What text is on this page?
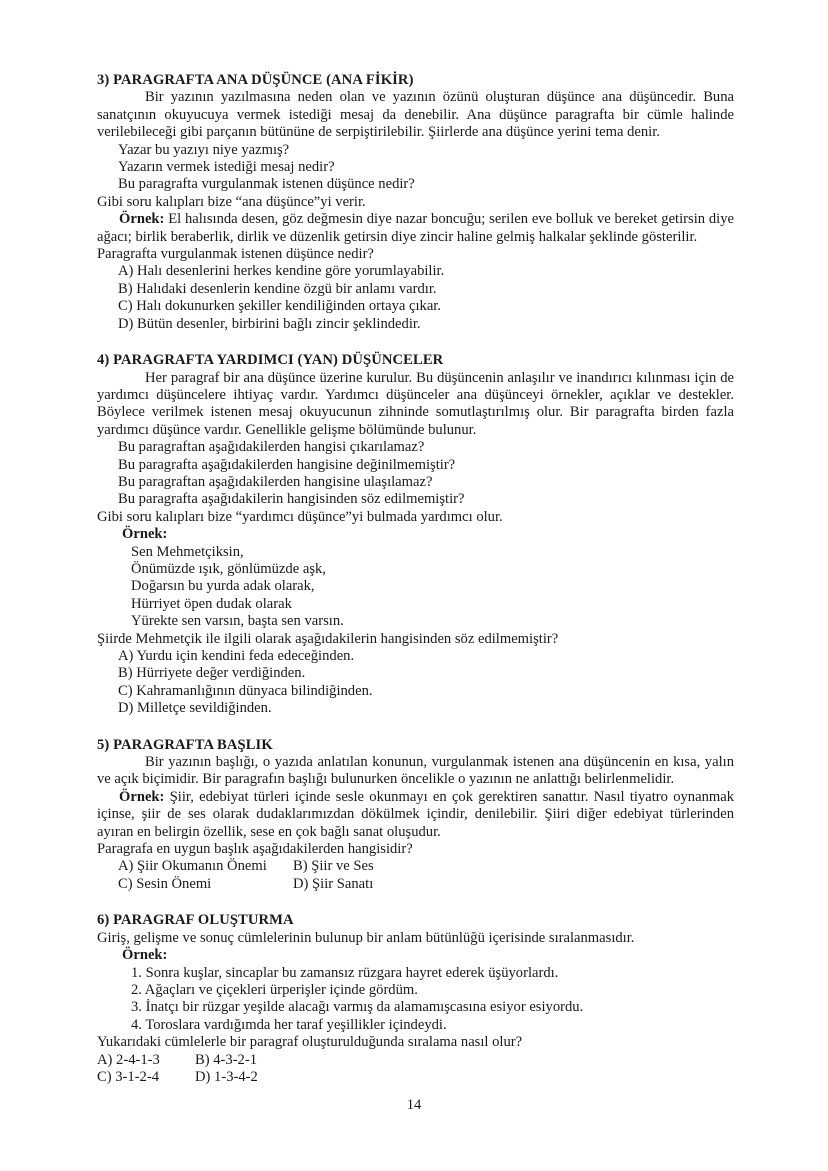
3) PARAGRAFTA ANA DÜŞÜNCE (ANA FİKİR)

Bir yazının yazılmasına neden olan ve yazının özünü oluşturan düşünce ana düşüncedir. Buna sanatçının okuyucuya vermek istediği mesaj da denebilir. Ana düşünce paragrafta bir cümle halinde verilebileceği gibi parçanın bütününe de serpiştirilebilir. Şiirlerde ana düşünce yerini tema denir.

Yazar bu yazıyı niye yazmış?

Yazarın vermek istediği mesaj nedir?

Bu paragrafta vurgulanmak istenen düşünce nedir?

Gibi soru kalıpları bize “ana düşünce”yi verir.

Örnek: El halısında desen, göz değmesin diye nazar boncuğu; serilen eve bolluk ve bereket getirsin diye ağacı; birlik beraberlik, dirlik ve düzenlik getirsin diye zincir haline gelmiş halkalar şeklinde gösterilir.

Paragrafta vurgulanmak istenen düşünce nedir?

A) Halı desenlerini herkes kendine göre yorumlayabilir.

B) Halıdaki desenlerin kendine özgü bir anlamı vardır.

C) Halı dokunurken şekiller kendiliğinden ortaya çıkar.

D) Bütün desenler, birbirini bağlı zincir şeklindedir.

4) PARAGRAFTA YARDIMCI (YAN) DÜŞÜNCELER

Her paragraf bir ana düşünce üzerine kurulur. Bu düşüncenin anlaşılır ve inandırıcı kılınması için de yardımcı düşüncelere ihtiyaç vardır. Yardımcı düşünceler ana düşünceyi örnekler, açıklar ve destekler. Böylece verilmek istenen mesaj okuyucunun zihninde somutlaştırılmış olur. Bir paragrafta birden fazla yardımcı düşünce vardır. Genellikle gelişme bölümünde bulunur.

Bu paragraftan aşağıdakilerden hangisi çıkarılamaz?

Bu paragrafta aşağıdakilerden hangisine değinilmemiştir?

Bu paragraftan aşağıdakilerden hangisine ulaşılamaz?

Bu paragrafta aşağıdakilerin hangisinden söz edilmemiştir?

Gibi soru kalıpları bize “yardımcı düşünce”yi bulmada yardımcı olur.

Örnek:

Sen Mehmetçiksin,

Önümüzde ışık, gönlümüzde aşk,

Doğarsın bu yurda adak olarak,

Hürriyet öpen dudak olarak

Yürekte sen varsın, başta sen varsın.

Şiirde Mehmetçik ile ilgili olarak aşağıdakilerin hangisinden söz edilmemiştir?

A) Yurdu için kendini feda edeceğinden.

B) Hürriyete değer verdiğinden.

C) Kahramanlığının dünyaca bilindiğinden.

D) Milletçe sevildiğinden.

5) PARAGRAFTA BAŞLIK

Bir yazının başlığı, o yazıda anlatılan konunun, vurgulanmak istenen ana düşüncenin en kısa, yalın ve açık biçimidir. Bir paragrafın başlığı bulunurken öncelikle o yazının ne anlattığı belirlenmelidir.

Örnek: Şiir, edebiyat türleri içinde sesle okunmayı en çok gerektiren sanattır. Nasıl tiyatro oynanmak içinse, şiir de ses olarak dudaklarımızdan dökülmek içindir, denilebilir. Şiiri diğer edebiyat türlerinden ayıran en belirgin özellik, sese en çok bağlı sanat oluşudur.

Paragrafa en uygun başlık aşağıdakilerden hangisidir?

A) Şiir Okumanın Önemi	B) Şiir ve Ses
C) Sesin Önemi	D) Şiir Sanatı

6) PARAGRAF OLUŞTURMA

Giriş, gelişme ve sonuç cümlelerinin bulunup bir anlam bütünlüğü içerisinde sıralanmasıdır.

Örnek:

1. Sonra kuşlar, sincaplar bu zamansız rüzgara hayret ederek üşüyorlardı.

2. Ağaçları ve çiçekleri ürperişler içinde gördüm.

3. İnatçı bir rüzgar yeşilde alacağı varmış da alamamışcasına esiyor esiyordu.

4. Toroslara vardığımda her taraf yeşillikler içindeydi.

Yukarıdaki cümlelerle bir paragraf oluşturulduğunda sıralama nasıl olur?

A) 2-4-1-3	B) 4-3-2-1
C) 3-1-2-4	D) 1-3-4-2
14
